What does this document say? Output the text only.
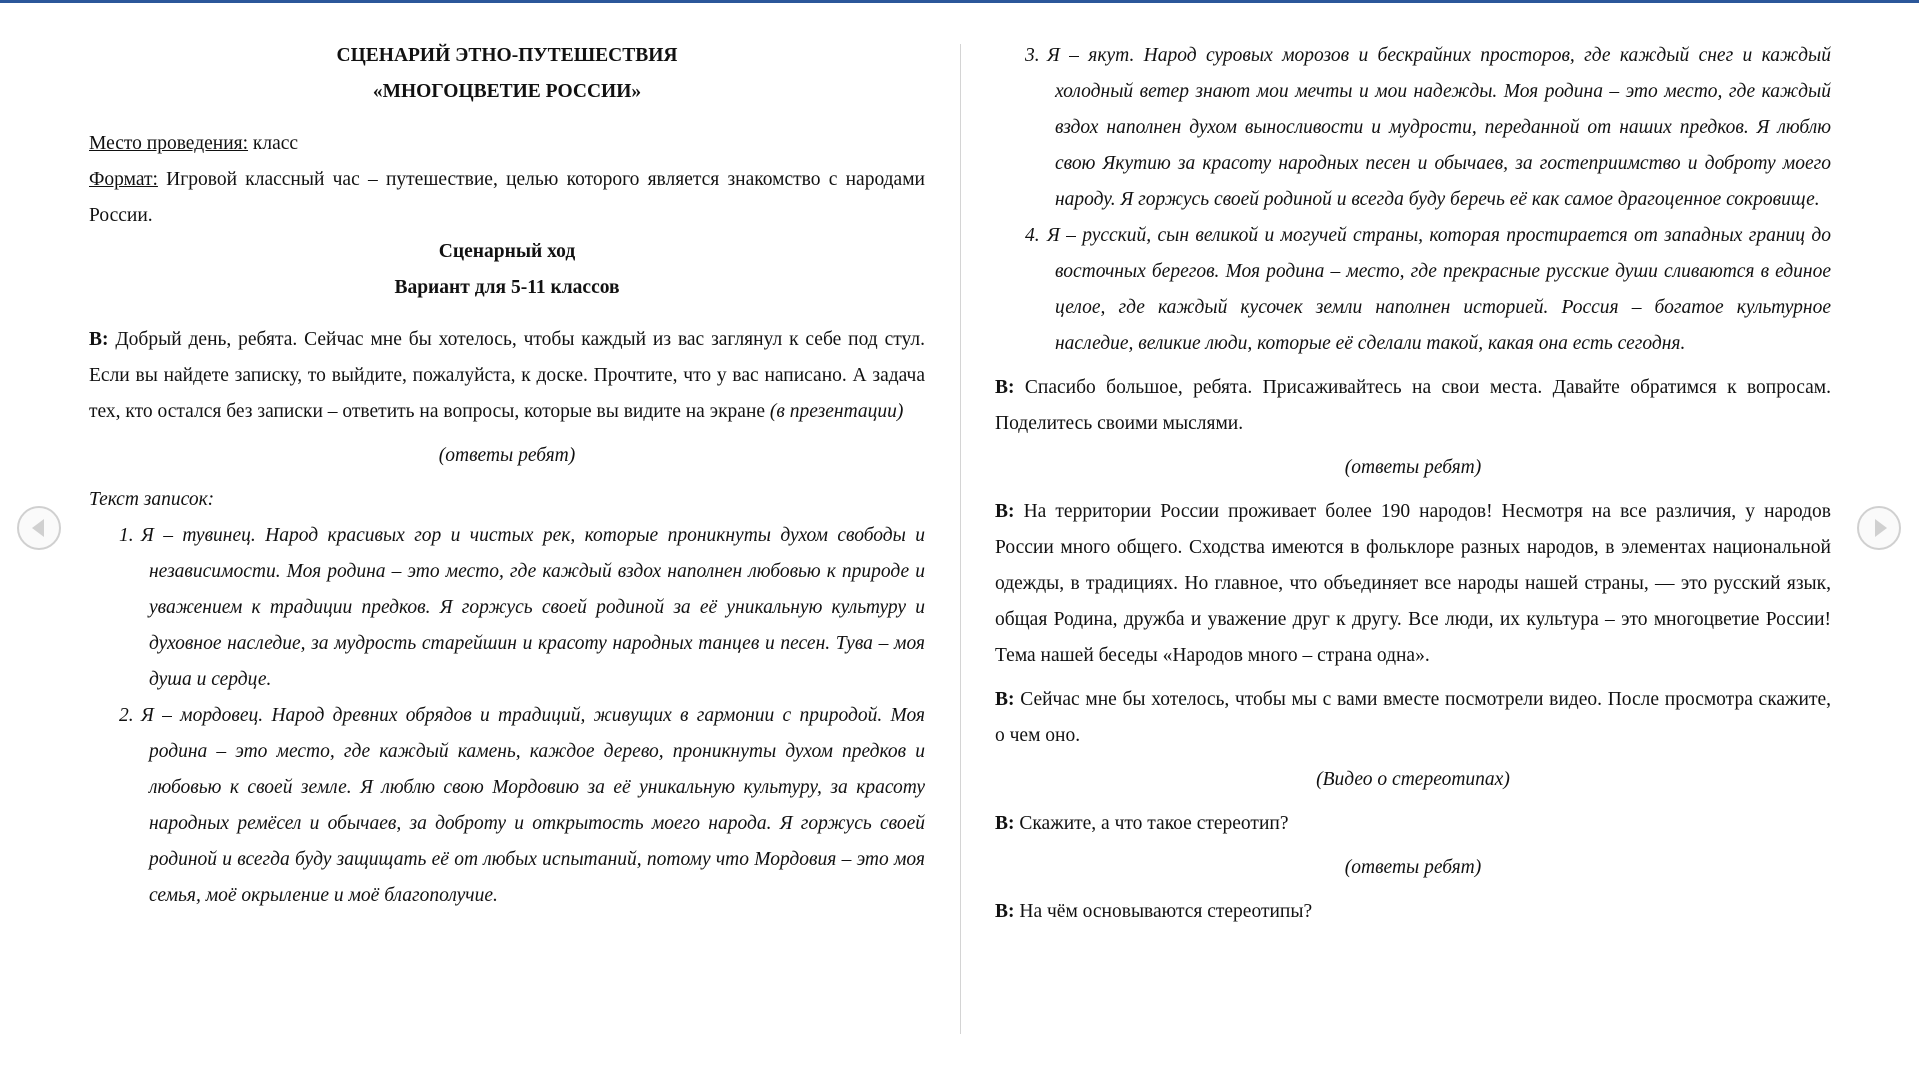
СЦЕНАРИЙ ЭТНО-ПУТЕШЕСТВИЯ

«МНОГОЦВЕТИЕ РОССИИ»

Место проведения: класс

Формат: Игровой классный час – путешествие, целью которого является знакомство с народами России.

Сценарный ход

Вариант для 5-11 классов

В: Добрый день, ребята. Сейчас мне бы хотелось, чтобы каждый из вас заглянул к себе под стул. Если вы найдете записку, то выйдите, пожалуйста, к доске. Прочтите, что у вас написано. А задача тех, кто остался без записки – ответить на вопросы, которые вы видите на экране (в презентации)

(ответы ребят)

Текст записок:

1. Я – тувинец. Народ красивых гор и чистых рек, которые проникнуты духом свободы и независимости. Моя родина – это место, где каждый вздох наполнен любовью к природе и уважением к традиции предков. Я горжусь своей родиной за её уникальную культуру и духовное наследие, за мудрость старейшин и красоту народных танцев и песен. Тува – моя душа и сердце.
2. Я – мордовец. Народ древних обрядов и традиций, живущих в гармонии с природой. Моя родина – это место, где каждый камень, каждое дерево, проникнуты духом предков и любовью к своей земле. Я люблю свою Мордовию за её уникальную культуру, за красоту народных ремёсел и обычаев, за доброту и открытость моего народа. Я горжусь своей родиной и всегда буду защищать её от любых испытаний, потому что Мордовия – это моя семья, моё окрыление и моё благополучие.
3. Я – якут. Народ суровых морозов и бескрайних просторов, где каждый снег и каждый холодный ветер знают мои мечты и мои надежды. Моя родина – это место, где каждый вздох наполнен духом выносливости и мудрости, переданной от наших предков. Я люблю свою Якутию за красоту народных песен и обычаев, за гостеприимство и доброту моего народу. Я горжусь своей родиной и всегда буду беречь её как самое драгоценное сокровище.
4. Я – русский, сын великой и могучей страны, которая простирается от западных границ до восточных берегов. Моя родина – место, где прекрасные русские души сливаются в единое целое, где каждый кусочек земли наполнен историей. Россия – богатое культурное наследие, великие люди, которые её сделали такой, какая она есть сегодня.

В: Спасибо большое, ребята. Присаживайтесь на свои места. Давайте обратимся к вопросам. Поделитесь своими мыслями.

(ответы ребят)

В: На территории России проживает более 190 народов! Несмотря на все различия, у народов России много общего. Сходства имеются в фольклоре разных народов, в элементах национальной одежды, в традициях. Но главное, что объединяет все народы нашей страны, — это русский язык, общая Родина, дружба и уважение друг к другу. Все люди, их культура – это многоцветие России! Тема нашей беседы «Народов много – страна одна».

В: Сейчас мне бы хотелось, чтобы мы с вами вместе посмотрели видео. После просмотра скажите, о чем оно.

(Видео о стереотипах)

В: Скажите, а что такое стереотип?

(ответы ребят)

В: На чём основываются стереотипы?
